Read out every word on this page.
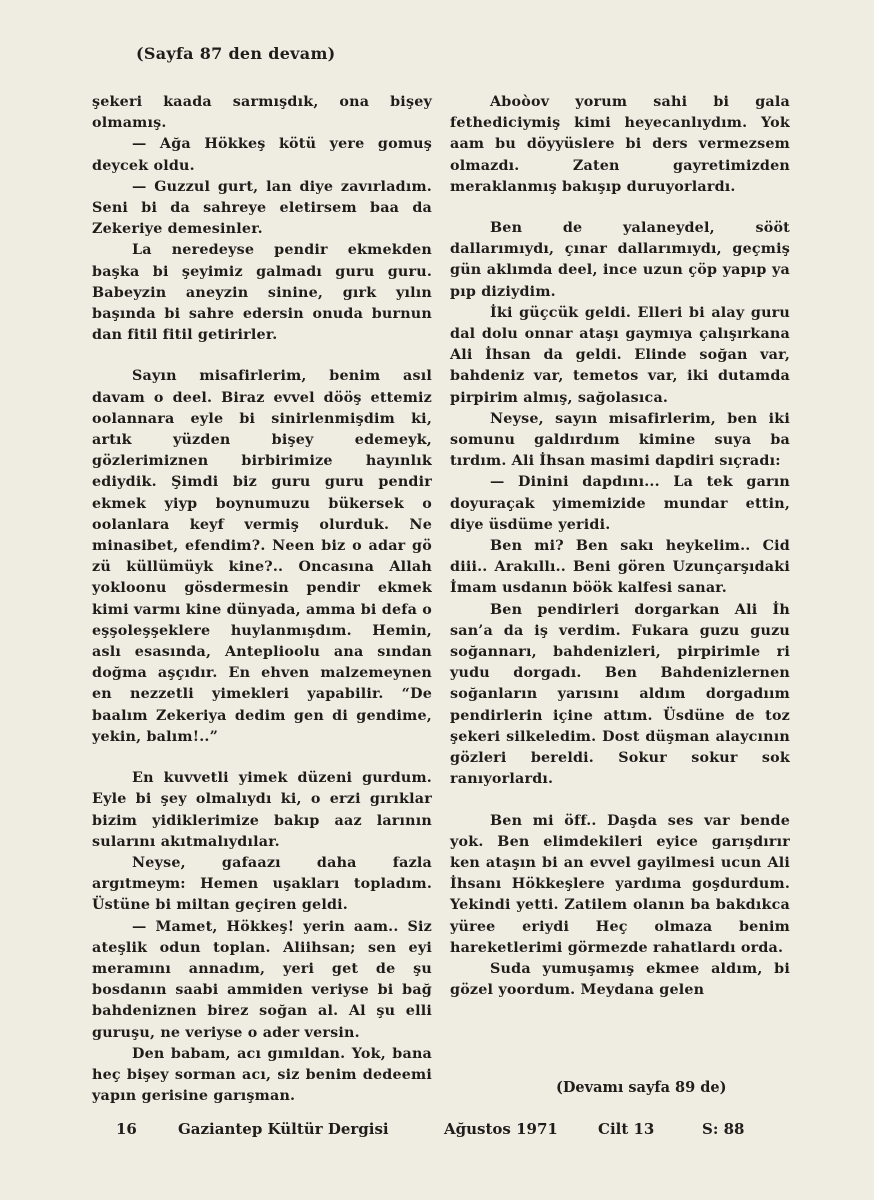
(Sayfa 87 den devam)

şekeri kaada sarmışdık, ona bişey olmamış.

— Ağa Hökkeş kötü yere gomuş deycek oldu.

— Guzzul gurt, lan diye zavırladım. Seni bi da sahreye eletirsem baa da Zekeriye demesinler.

La neredeyse pendir ekmekden başka bi şeyimiz galmadı guru guru. Babeyzin aneyzin sinine, gırk yılın başında bi sahre edersin onuda burnun dan fitil fitil getirirler.

Sayın misafirlerim, benim asıl davam o deel. Biraz evvel dööş ettemiz oolannara eyle bi sinirlenmişdim ki, artık yüzden bişey edemeyk, gözlerimiznen birbirimize hayınlık ediydik. Şimdi biz guru guru pendir ekmek yiyp boynumuzu bükersek o oolanlara keyf vermiş olurduk. Ne minasibet, efendim?. Neen biz o adar gö zü küllümüyk kine?.. Oncasına Allah yokloonu gösdermesin pendir ekmek kimi varmı kine dünyada, amma bi defa o eşşoleşşeklere huylanmışdım. Hemin, aslı esasında, Anteplioolu ana sından doğma aşçıdır. En ehven malzemeynen en nezzetli yimekleri yapabilir. “De baalım Zekeriya dedim gen di gendime, yekin, balım!..”

En kuvvetli yimek düzeni gurdum. Eyle bi şey olmalıydı ki, o erzi gırıklar bizim yidiklerimize bakıp aaz larının sularını akıtmalıydılar.

Neyse, gafaazı daha fazla argıtmeym: Hemen uşakları topladım. Üstüne bi miltan geçiren geldi.

— Mamet, Hökkeş! yerin aam.. Siz ateşlik odun toplan. Aliihsan; sen eyi meramını annadım, yeri get de şu bosdanın saabi ammiden veriyse bi bağ bahdeniznen birez soğan al. Al şu elli guruşu, ne veriyse o ader versin.

Den babam, acı gımıldan. Yok, bana heç bişey sorman acı, siz benim dedeemi yapın gerisine garışman.

Aboòov yorum sahi bi gala fethediciymiş kimi heyecanlıydım. Yok aam bu döyyüslere bi ders vermezsem olmazdı. Zaten gayretimizden meraklanmış bakışıp duruyorlardı.

Ben de yalaneydel, sööt dallarımıydı, çınar dallarımıydı, geçmiş gün aklımda deel, ince uzun çöp yapıp ya pıp diziydim.

İki güçcük geldi. Elleri bi alay guru dal dolu onnar ataşı gaymıya çalışırkana Ali İhsan da geldi. Elinde soğan var, bahdeniz var, temetos var, iki dutamda pirpirim almış, sağolasıca.

Neyse, sayın misafirlerim, ben iki somunu galdırdıım kimine suya ba tırdım. Ali İhsan masimi dapdiri sıçradı:

— Dinini dapdını... La tek garın doyuraçak yimemizide mundar ettin, diye üsdüme yeridi.

Ben mi? Ben sakı heykelim.. Cid diii.. Arakıllı.. Beni gören Uzunçarşıdaki İmam usdanın böök kalfesi sanar.

Ben pendirleri dorgarkan Ali İh san’a da iş verdim. Fukara guzu guzu soğannarı, bahdenizleri, pirpirimle ri yudu dorgadı. Ben Bahdenizlernen soğanların yarısını aldım dorgadıım pendirlerin içine attım. Üsdüne de toz şekeri silkeledim. Dost düşman alaycının gözleri bereldi. Sokur sokur sok ranıyorlardı.

Ben mi öff.. Daşda ses var bende yok. Ben elimdekileri eyice garışdırır ken ataşın bi an evvel gayilmesi ucun Ali İhsanı Hökkeşlere yardıma goşdurdum. Yekindi yetti. Zatilem olanın ba bakdıkca yüree eriydi Heç olmaza benim hareketlerimi görmezde rahatlardı orda.

Suda yumuşamış ekmee aldım, bi gözel yoordum. Meydana gelen

(Devamı sayfa 89 de)
16	Gaziantep Kültür Dergisi	Ağustos 1971	Cilt 13	S: 88
